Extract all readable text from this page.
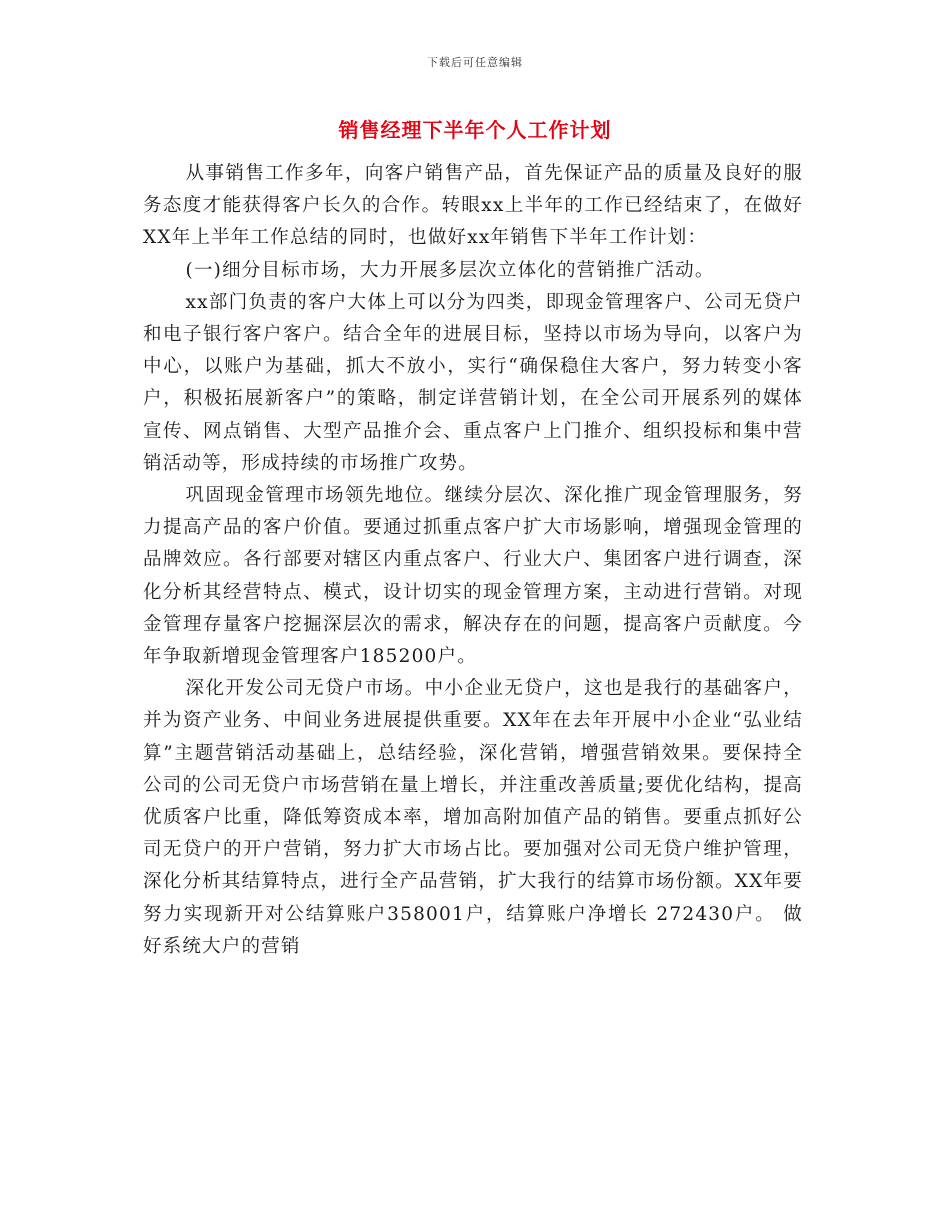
下载后可任意编辑
销售经理下半年个人工作计划

从事销售工作多年，向客户销售产品，首先保证产品的质量及良好的服务态度才能获得客户长久的合作。转眼xx上半年的工作已经结束了，在做好XX年上半年工作总结的同时，也做好xx年销售下半年工作计划：

(一)细分目标市场，大力开展多层次立体化的营销推广活动。

xx部门负责的客户大体上可以分为四类，即现金管理客户、公司无贷户和电子银行客户客户。结合全年的进展目标，坚持以市场为导向，以客户为中心，以账户为基础，抓大不放小，实行“确保稳住大客户，努力转变小客户，积极拓展新客户”的策略，制定详营销计划，在全公司开展系列的媒体宣传、网点销售、大型产品推介会、重点客户上门推介、组织投标和集中营销活动等，形成持续的市场推广攻势。

巩固现金管理市场领先地位。继续分层次、深化推广现金管理服务，努力提高产品的客户价值。要通过抓重点客户扩大市场影响，增强现金管理的品牌效应。各行部要对辖区内重点客户、行业大户、集团客户进行调查，深化分析其经营特点、模式，设计切实的现金管理方案，主动进行营销。对现金管理存量客户挖掘深层次的需求，解决存在的问题，提高客户贡献度。今年争取新增现金管理客户185200户。

深化开发公司无贷户市场。中小企业无贷户，这也是我行的基础客户，并为资产业务、中间业务进展提供重要。XX年在去年开展中小企业“弘业结算”主题营销活动基础上，总结经验，深化营销，增强营销效果。要保持全公司的公司无贷户市场营销在量上增长，并注重改善质量;要优化结构，提高优质客户比重，降低筹资成本率，增加高附加值产品的销售。要重点抓好公司无贷户的开户营销，努力扩大市场占比。要加强对公司无贷户维护管理，深化分析其结算特点，进行全产品营销，扩大我行的结算市场份额。XX年要努力实现新开对公结算账户358001户，结算账户净增长 272430户。 做好系统大户的营销
